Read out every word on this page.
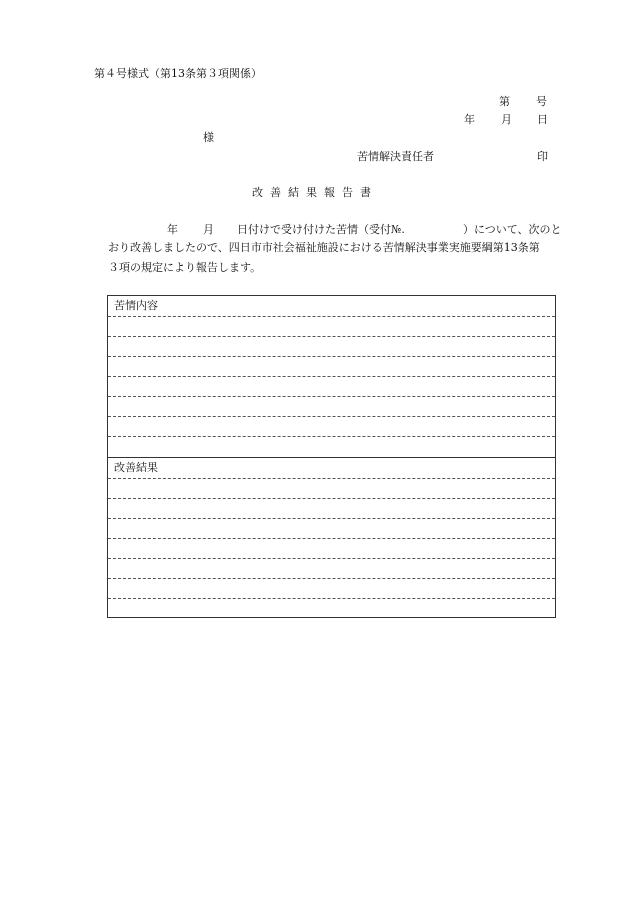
第４号様式（第13条第３項関係）
第 号
年 月 日
様
苦情解決責任者	印
改善結果報告書
年 月 日付けで受け付けた苦情（受付№.	）について、次のと
おり改善しましたので、四日市市社会福祉施設における苦情解決事業実施要綱第13条第
３項の規定により報告します。
苦情内容
改善結果
